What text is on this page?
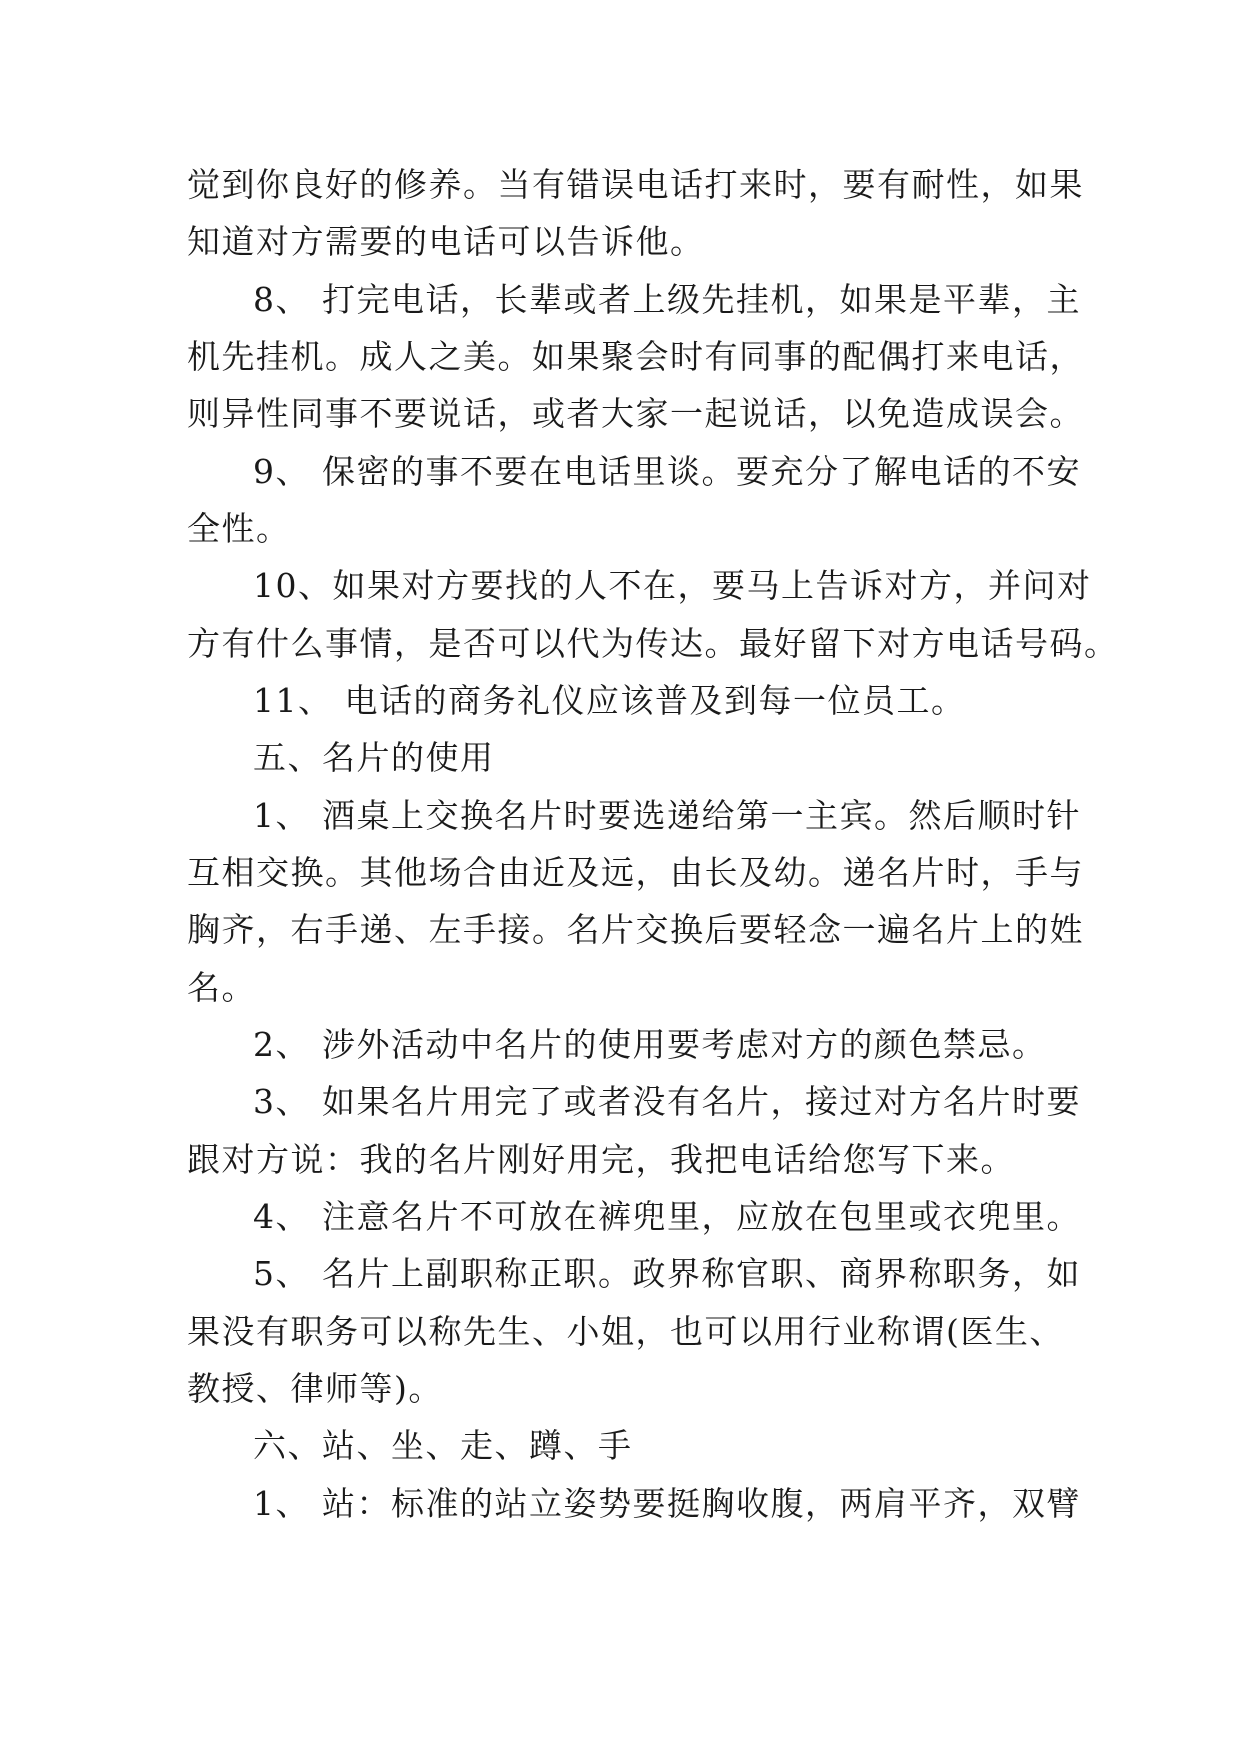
觉到你良好的修养。当有错误电话打来时，要有耐性，如果
知道对方需要的电话可以告诉他。
8、 打完电话，长辈或者上级先挂机，如果是平辈，主
机先挂机。成人之美。如果聚会时有同事的配偶打来电话，
则异性同事不要说话，或者大家一起说话，以免造成误会。
9、 保密的事不要在电话里谈。要充分了解电话的不安
全性。
10、如果对方要找的人不在，要马上告诉对方，并问对
方有什么事情，是否可以代为传达。最好留下对方电话号码。
11、 电话的商务礼仪应该普及到每一位员工。
五、名片的使用
1、 酒桌上交换名片时要选递给第一主宾。然后顺时针
互相交换。其他场合由近及远，由长及幼。递名片时，手与
胸齐，右手递、左手接。名片交换后要轻念一遍名片上的姓
名。
2、 涉外活动中名片的使用要考虑对方的颜色禁忌。
3、 如果名片用完了或者没有名片，接过对方名片时要
跟对方说：我的名片刚好用完，我把电话给您写下来。
4、 注意名片不可放在裤兜里，应放在包里或衣兜里。
5、 名片上副职称正职。政界称官职、商界称职务，如
果没有职务可以称先生、小姐，也可以用行业称谓(医生、
教授、律师等)。
六、站、坐、走、蹲、手
1、 站：标准的站立姿势要挺胸收腹，两肩平齐，双臂
